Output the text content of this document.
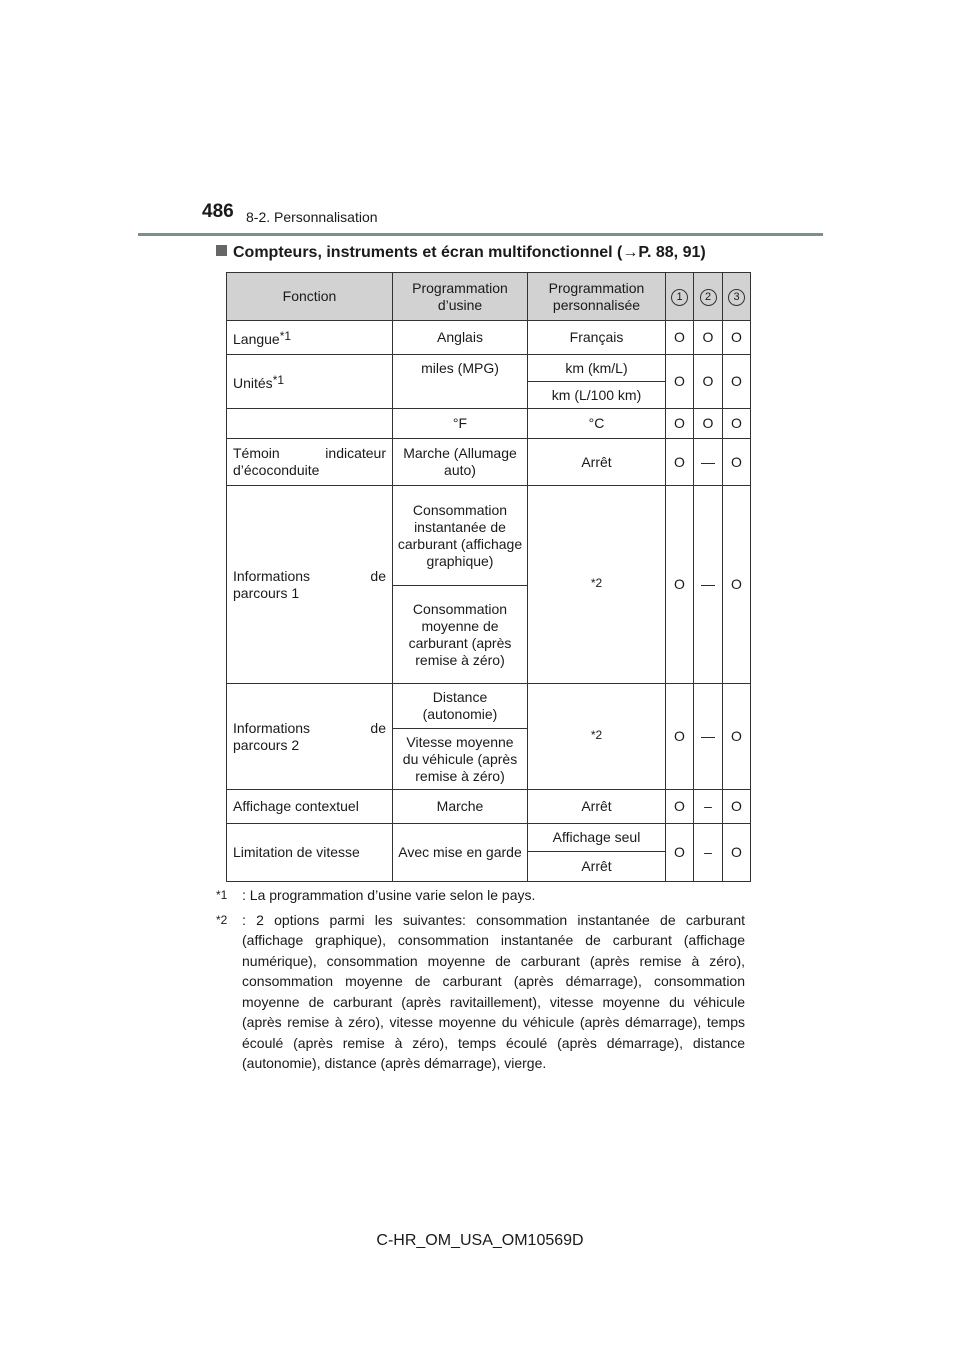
486 8-2. Personnalisation
Compteurs, instruments et écran multifonctionnel (→P. 88, 91)
Fonction	Programmation d’usine	Programmation personnalisée	1	2	3
Langue*1	Anglais	Français	O	O	O
Unités*1	miles (MPG)	km (km/L)	O	O	O
		km (L/100 km)			
	°F	°C	O	O	O
Témoin indicateur d’écoconduite	Marche (Allumage auto)	Arrêt	O	—	O
Informations de parcours 1	Consommation instantanée de carburant (affichage graphique)	*2	O	—	O
	Consommation moyenne de carburant (après remise à zéro)				
Informations de parcours 2	Distance (autonomie)	*2	O	—	O
	Vitesse moyenne du véhicule (après remise à zéro)				
Affichage contextuel	Marche	Arrêt	O	–	O
Limitation de vitesse	Avec mise en garde	Affichage seul	O	–	O
		Arrêt			
*1 : La programmation d’usine varie selon le pays.
*2 : 2 options parmi les suivantes: consommation instantanée de carburant (affichage graphique), consommation instantanée de carburant (affichage numérique), consommation moyenne de carburant (après remise à zéro), consommation moyenne de carburant (après démarrage), consommation moyenne de carburant (après ravitaillement), vitesse moyenne du véhicule (après remise à zéro), vitesse moyenne du véhicule (après démarrage), temps écoulé (après remise à zéro), temps écoulé (après démarrage), distance (autonomie), distance (après démarrage), vierge.
C-HR_OM_USA_OM10569D
